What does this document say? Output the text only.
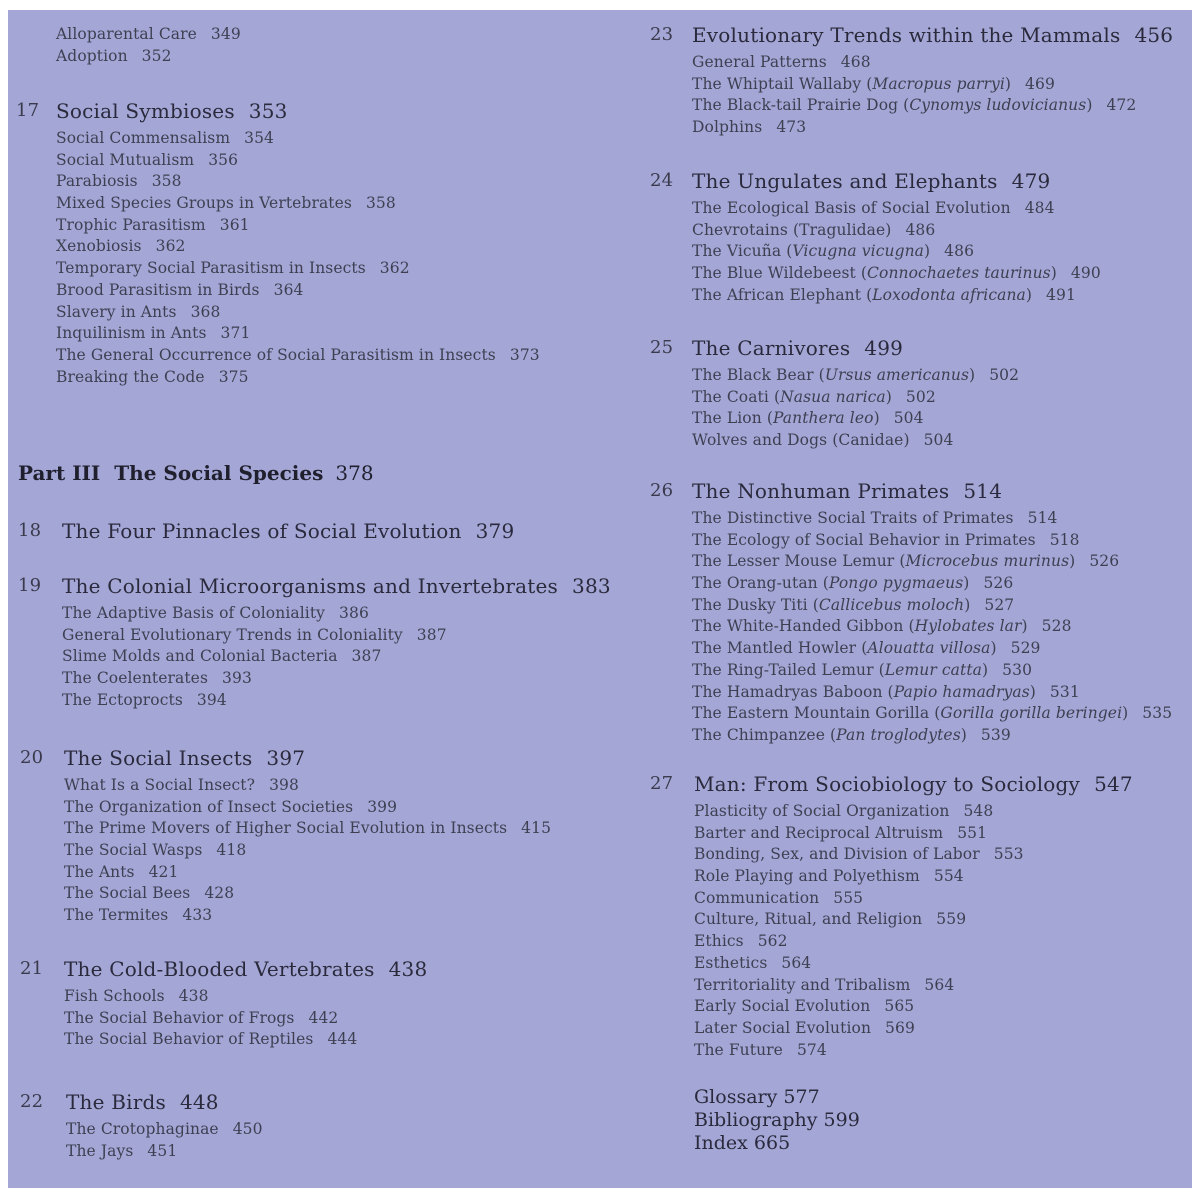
Alloparental Care 349
Adoption 352
17 Social Symbioses 353
Social Commensalism 354
Social Mutualism 356
Parabiosis 358
Mixed Species Groups in Vertebrates 358
Trophic Parasitism 361
Xenobiosis 362
Temporary Social Parasitism in Insects 362
Brood Parasitism in Birds 364
Slavery in Ants 368
Inquilinism in Ants 371
The General Occurrence of Social Parasitism in Insects 373
Breaking the Code 375
Part III The Social Species 378
18 The Four Pinnacles of Social Evolution 379
19 The Colonial Microorganisms and Invertebrates 383
The Adaptive Basis of Coloniality 386
General Evolutionary Trends in Coloniality 387
Slime Molds and Colonial Bacteria 387
The Coelenterates 393
The Ectoprocts 394
20 The Social Insects 397
What Is a Social Insect? 398
The Organization of Insect Societies 399
The Prime Movers of Higher Social Evolution in Insects 415
The Social Wasps 418
The Ants 421
The Social Bees 428
The Termites 433
21 The Cold-Blooded Vertebrates 438
Fish Schools 438
The Social Behavior of Frogs 442
The Social Behavior of Reptiles 444
22 The Birds 448
The Crotophaginae 450
The Jays 451
23 Evolutionary Trends within the Mammals 456
General Patterns 468
The Whiptail Wallaby (Macropus parryi) 469
The Black-tail Prairie Dog (Cynomys ludovicianus) 472
Dolphins 473
24 The Ungulates and Elephants 479
The Ecological Basis of Social Evolution 484
Chevrotains (Tragulidae) 486
The Vicuña (Vicugna vicugna) 486
The Blue Wildebeest (Connochaetes taurinus) 490
The African Elephant (Loxodonta africana) 491
25 The Carnivores 499
The Black Bear (Ursus americanus) 502
The Coati (Nasua narica) 502
The Lion (Panthera leo) 504
Wolves and Dogs (Canidae) 504
26 The Nonhuman Primates 514
The Distinctive Social Traits of Primates 514
The Ecology of Social Behavior in Primates 518
The Lesser Mouse Lemur (Microcebus murinus) 526
The Orang-utan (Pongo pygmaeus) 526
The Dusky Titi (Callicebus moloch) 527
The White-Handed Gibbon (Hylobates lar) 528
The Mantled Howler (Alouatta villosa) 529
The Ring-Tailed Lemur (Lemur catta) 530
The Hamadryas Baboon (Papio hamadryas) 531
The Eastern Mountain Gorilla (Gorilla gorilla beringei) 535
The Chimpanzee (Pan troglodytes) 539
27 Man: From Sociobiology to Sociology 547
Plasticity of Social Organization 548
Barter and Reciprocal Altruism 551
Bonding, Sex, and Division of Labor 553
Role Playing and Polyethism 554
Communication 555
Culture, Ritual, and Religion 559
Ethics 562
Esthetics 564
Territoriality and Tribalism 564
Early Social Evolution 565
Later Social Evolution 569
The Future 574
Glossary 577
Bibliography 599
Index 665
